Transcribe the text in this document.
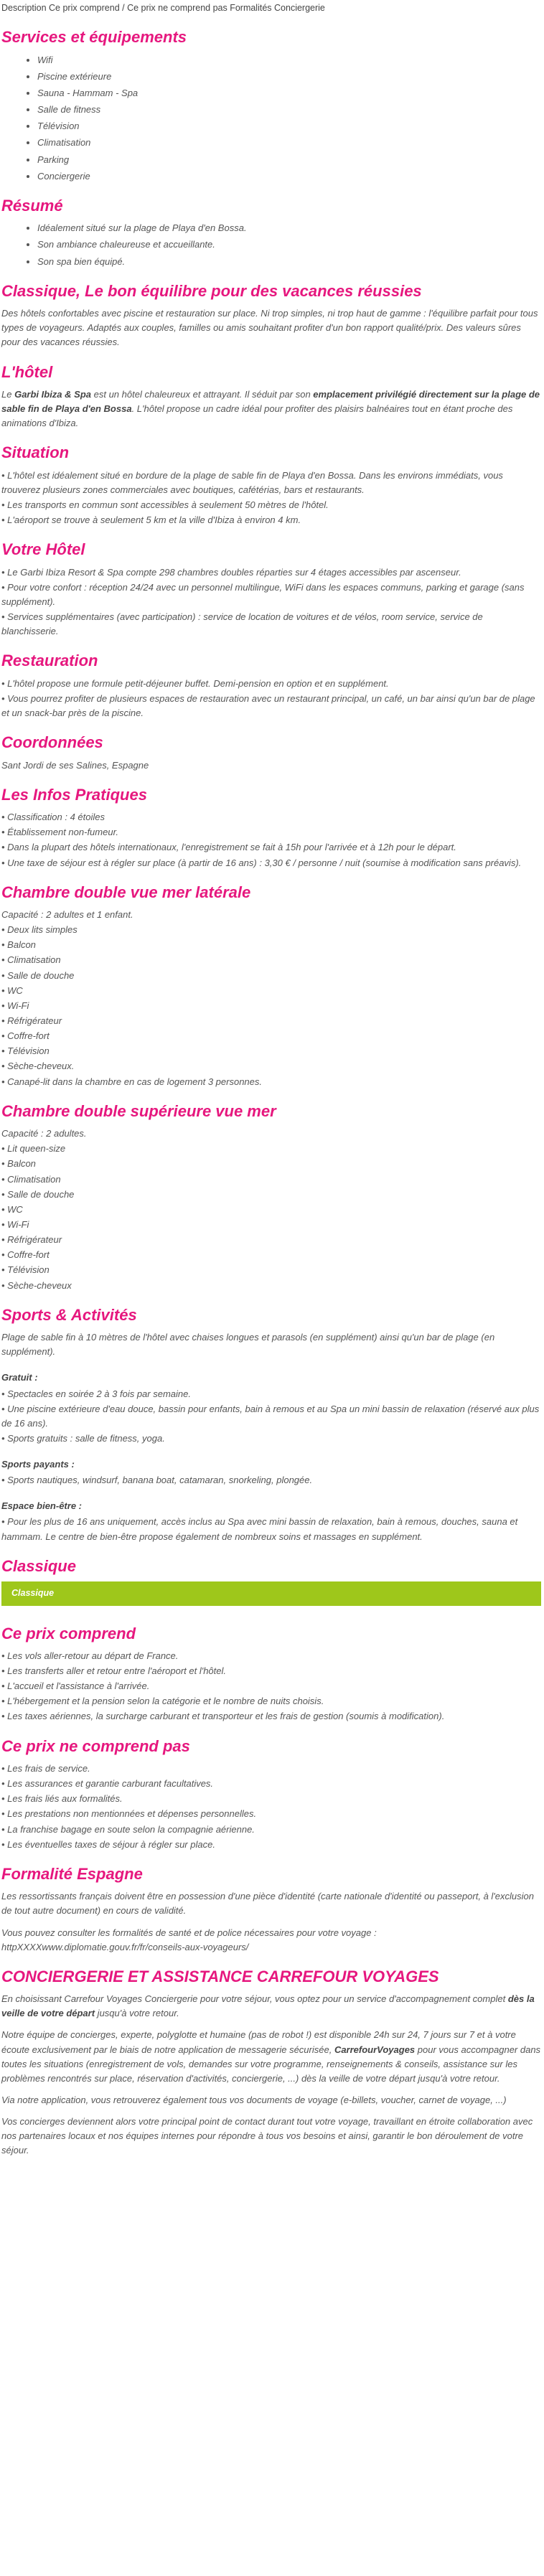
Description Ce prix comprend / Ce prix ne comprend pas Formalités Conciergerie
Services et équipements
• Wifi
• Piscine extérieure
• Sauna - Hammam - Spa
• Salle de fitness
• Télévision
• Climatisation
• Parking
• Conciergerie
Résumé
• Idéalement situé sur la plage de Playa d'en Bossa.
• Son ambiance chaleureuse et accueillante.
• Son spa bien équipé.
Classique, Le bon équilibre pour des vacances réussies

Des hôtels confortables avec piscine et restauration sur place. Ni trop simples, ni trop haut de gamme : l'équilibre parfait pour tous types de voyageurs. Adaptés aux couples, familles ou amis souhaitant profiter d'un bon rapport qualité/prix. Des valeurs sûres pour des vacances réussies.

L'hôtel

Le Garbi Ibiza & Spa est un hôtel chaleureux et attrayant. Il séduit par son emplacement privilégié directement sur la plage de sable fin de Playa d'en Bossa. L'hôtel propose un cadre idéal pour profiter des plaisirs balnéaires tout en étant proche des animations d'Ibiza.

Situation
• L'hôtel est idéalement situé en bordure de la plage de sable fin de Playa d'en Bossa. Dans les environs immédiats, vous trouverez plusieurs zones commerciales avec boutiques, cafétérias, bars et restaurants.
• Les transports en commun sont accessibles à seulement 50 mètres de l'hôtel.
• L'aéroport se trouve à seulement 5 km et la ville d'Ibiza à environ 4 km.
Votre Hôtel
• Le Garbi Ibiza Resort & Spa compte 298 chambres doubles réparties sur 4 étages accessibles par ascenseur.
• Pour votre confort : réception 24/24 avec un personnel multilingue, WiFi dans les espaces communs, parking et garage (sans supplément).
• Services supplémentaires (avec participation) : service de location de voitures et de vélos, room service, service de blanchisserie.
Restauration
• L'hôtel propose une formule petit-déjeuner buffet. Demi-pension en option et en supplément.
• Vous pourrez profiter de plusieurs espaces de restauration avec un restaurant principal, un café, un bar ainsi qu'un bar de plage et un snack-bar près de la piscine.
Coordonnées

Sant Jordi de ses Salines, Espagne

Les Infos Pratiques
• Classification : 4 étoiles
• Établissement non-fumeur.
• Dans la plupart des hôtels internationaux, l'enregistrement se fait à 15h pour l'arrivée et à 12h pour le départ.
• Une taxe de séjour est à régler sur place (à partir de 16 ans) : 3,30 € / personne / nuit (soumise à modification sans préavis).
Chambre double vue mer latérale
Capacité : 2 adultes et 1 enfant.
• Deux lits simples
• Balcon
• Climatisation
• Salle de douche
• WC
• Wi-Fi
• Réfrigérateur
• Coffre-fort
• Télévision
• Sèche-cheveux.
• Canapé-lit dans la chambre en cas de logement 3 personnes.
Chambre double supérieure vue mer
Capacité : 2 adultes.
• Lit queen-size
• Balcon
• Climatisation
• Salle de douche
• WC
• Wi-Fi
• Réfrigérateur
• Coffre-fort
• Télévision
• Sèche-cheveux
Sports & Activités

Plage de sable fin à 10 mètres de l'hôtel avec chaises longues et parasols (en supplément) ainsi qu'un bar de plage (en supplément).

Gratuit :
• Spectacles en soirée 2 à 3 fois par semaine.
• Une piscine extérieure d'eau douce, bassin pour enfants, bain à remous et au Spa un mini bassin de relaxation (réservé aux plus de 16 ans).
• Sports gratuits : salle de fitness, yoga.
Sports payants :
• Sports nautiques, windsurf, banana boat, catamaran, snorkeling, plongée.
Espace bien-être :
• Pour les plus de 16 ans uniquement, accès inclus au Spa avec mini bassin de relaxation, bain à remous, douches, sauna et hammam. Le centre de bien-être propose également de nombreux soins et massages en supplément.
Classique
Classique
Ce prix comprend
• Les vols aller-retour au départ de France.
• Les transferts aller et retour entre l'aéroport et l'hôtel.
• L'accueil et l'assistance à l'arrivée.
• L'hébergement et la pension selon la catégorie et le nombre de nuits choisis.
• Les taxes aériennes, la surcharge carburant et transporteur et les frais de gestion (soumis à modification).
Ce prix ne comprend pas
• Les frais de service.
• Les assurances et garantie carburant facultatives.
• Les frais liés aux formalités.
• Les prestations non mentionnées et dépenses personnelles.
• La franchise bagage en soute selon la compagnie aérienne.
• Les éventuelles taxes de séjour à régler sur place.
Formalité Espagne

Les ressortissants français doivent être en possession d'une pièce d'identité (carte nationale d'identité ou passeport, à l'exclusion de tout autre document) en cours de validité.

Vous pouvez consulter les formalités de santé et de police nécessaires pour votre voyage : httpXXXXwww.diplomatie.gouv.fr/fr/conseils-aux-voyageurs/

CONCIERGERIE ET ASSISTANCE CARREFOUR VOYAGES

En choisissant Carrefour Voyages Conciergerie pour votre séjour, vous optez pour un service d'accompagnement complet dès la veille de votre départ jusqu'à votre retour.

Notre équipe de concierges, experte, polyglotte et humaine (pas de robot !) est disponible 24h sur 24, 7 jours sur 7 et à votre écoute exclusivement par le biais de notre application de messagerie sécurisée, CarrefourVoyages pour vous accompagner dans toutes les situations (enregistrement de vols, demandes sur votre programme, renseignements & conseils, assistance sur les problèmes rencontrés sur place, réservation d'activités, conciergerie, ...) dès la veille de votre départ jusqu'à votre retour.

Via notre application, vous retrouverez également tous vos documents de voyage (e-billets, voucher, carnet de voyage, ...)

Vos concierges deviennent alors votre principal point de contact durant tout votre voyage, travaillant en étroite collaboration avec nos partenaires locaux et nos équipes internes pour répondre à tous vos besoins et ainsi, garantir le bon déroulement de votre séjour.
